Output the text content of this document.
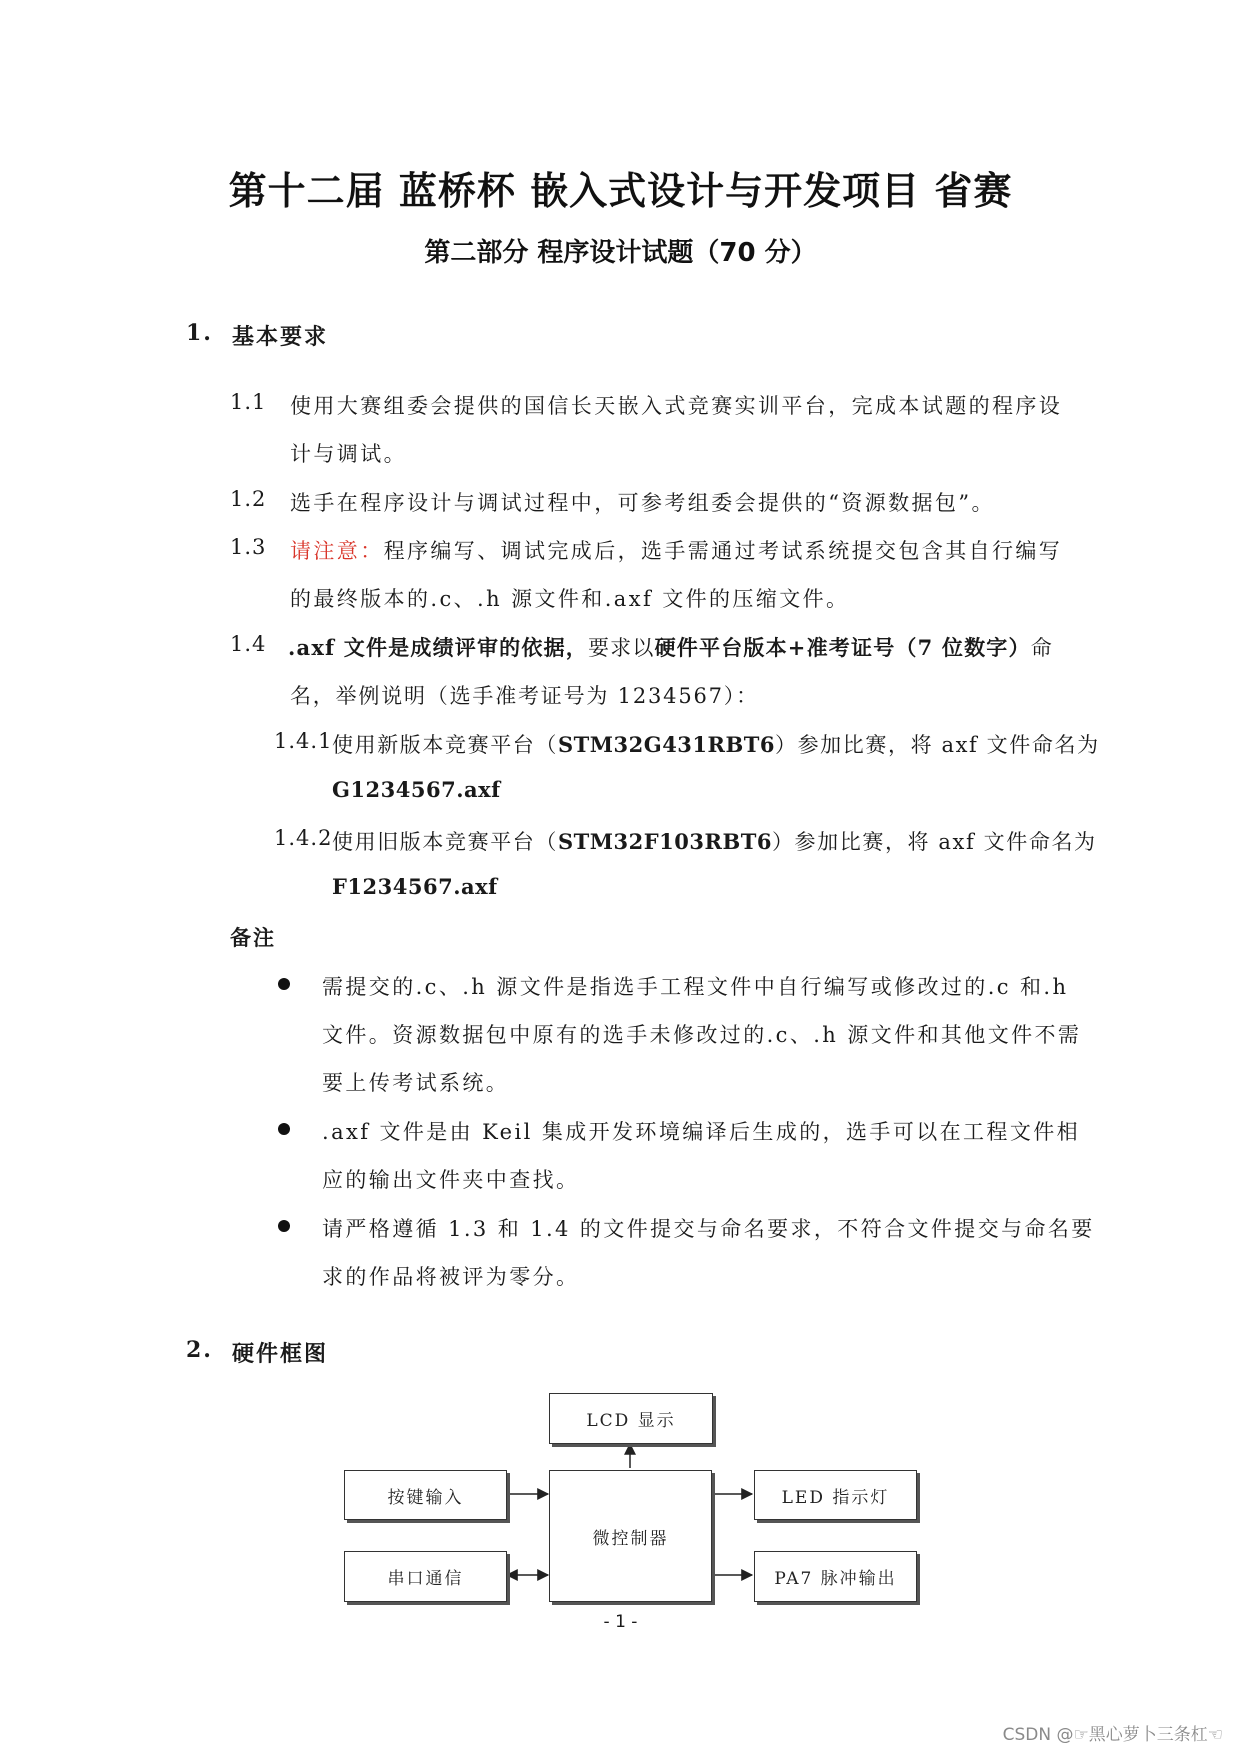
第十二届 蓝桥杯 嵌入式设计与开发项目 省赛
第二部分 程序设计试题（70 分）
1. 基本要求
1.1 使用大赛组委会提供的国信长天嵌入式竞赛实训平台，完成本试题的程序设
计与调试。
1.2 选手在程序设计与调试过程中，可参考组委会提供的“资源数据包”。
1.3 请注意：程序编写、调试完成后，选手需通过考试系统提交包含其自行编写
的最终版本的.c、.h 源文件和.axf 文件的压缩文件。
1.4 .axf 文件是成绩评审的依据，要求以硬件平台版本+准考证号（7 位数字）命
名，举例说明（选手准考证号为 1234567）：
1.4.1 使用新版本竞赛平台（STM32G431RBT6）参加比赛，将 axf 文件命名为
G1234567.axf
1.4.2 使用旧版本竞赛平台（STM32F103RBT6）参加比赛，将 axf 文件命名为
F1234567.axf
备注
需提交的.c、.h 源文件是指选手工程文件中自行编写或修改过的.c 和.h
文件。资源数据包中原有的选手未修改过的.c、.h 源文件和其他文件不需
要上传考试系统。
.axf 文件是由 Keil 集成开发环境编译后生成的，选手可以在工程文件相
应的输出文件夹中查找。
请严格遵循 1.3 和 1.4 的文件提交与命名要求，不符合文件提交与命名要
求的作品将被评为零分。
2. 硬件框图
LCD 显示
按键输入
微控制器
LED 指示灯
串口通信	PA7 脉冲输出
- 1 -
CSDN @☞黑心萝卜三条杠☜
